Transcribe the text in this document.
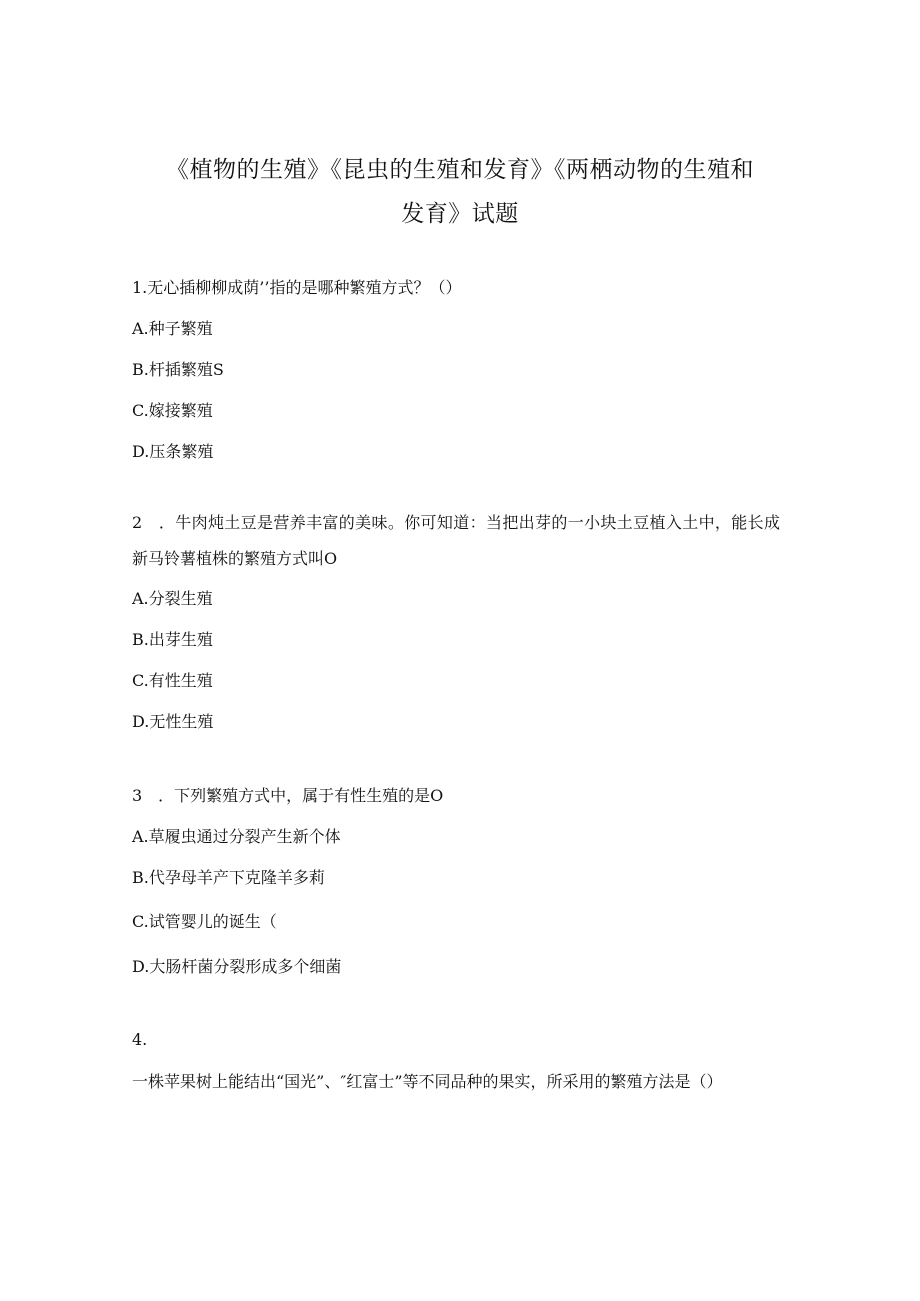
《植物的生殖》《昆虫的生殖和发育》《两栖动物的生殖和
发育》试题
1.无心插柳柳成荫’’指的是哪种繁殖方式？（）
A.种子繁殖
B.杆插繁殖S
C.嫁接繁殖
D.压条繁殖
2　．牛肉炖土豆是营养丰富的美味。你可知道：当把出芽的一小块土豆植入土中，能长成新马铃薯植株的繁殖方式叫O
A.分裂生殖
B.出芽生殖
C.有性生殖
D.无性生殖
3　．下列繁殖方式中，属于有性生殖的是O
A.草履虫通过分裂产生新个体
B.代孕母羊产下克隆羊多莉
C.试管婴儿的诞生（
D.大肠杆菌分裂形成多个细菌
4.
一株苹果树上能结出“国光”、″红富士”等不同品种的果实，所采用的繁殖方法是（）
